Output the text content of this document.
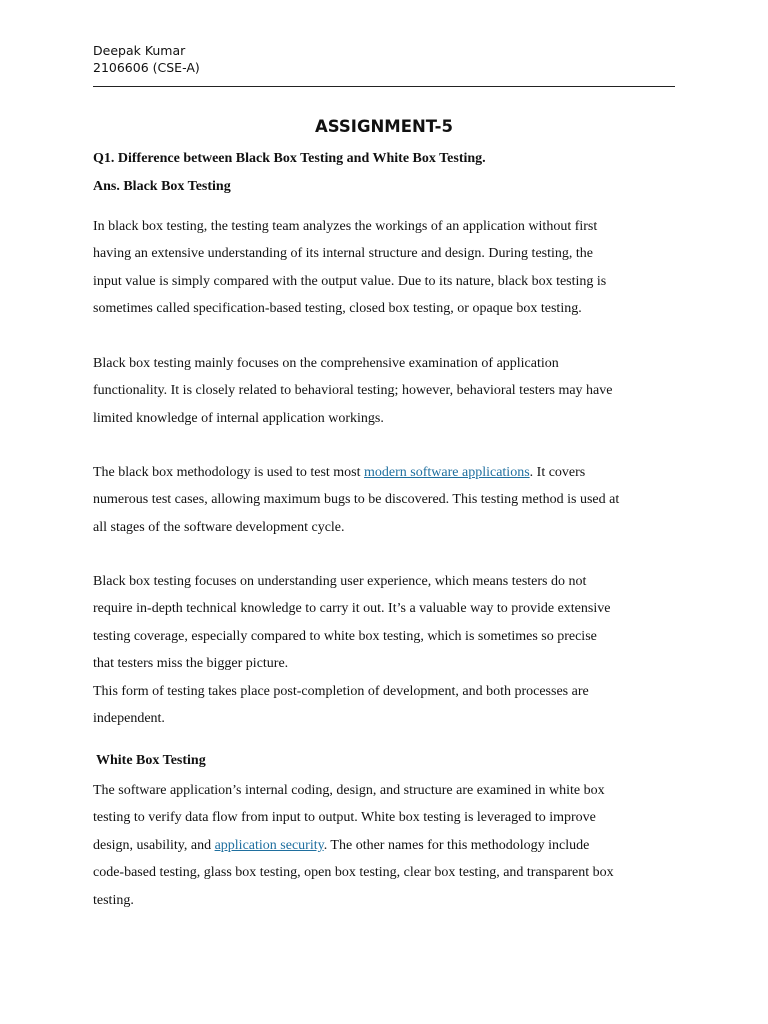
Deepak Kumar
2106606 (CSE-A)
ASSIGNMENT-5
Q1. Difference between Black Box Testing and White Box Testing.
Ans. Black Box Testing
In black box testing, the testing team analyzes the workings of an application without first
having an extensive understanding of its internal structure and design. During testing, the
input value is simply compared with the output value. Due to its nature, black box testing is
sometimes called specification-based testing, closed box testing, or opaque box testing.
Black box testing mainly focuses on the comprehensive examination of application
functionality. It is closely related to behavioral testing; however, behavioral testers may have
limited knowledge of internal application workings.
The black box methodology is used to test most modern software applications. It covers
numerous test cases, allowing maximum bugs to be discovered. This testing method is used at
all stages of the software development cycle.
Black box testing focuses on understanding user experience, which means testers do not
require in-depth technical knowledge to carry it out. It’s a valuable way to provide extensive
testing coverage, especially compared to white box testing, which is sometimes so precise
that testers miss the bigger picture.
This form of testing takes place post-completion of development, and both processes are
independent.
White Box Testing
The software application’s internal coding, design, and structure are examined in white box
testing to verify data flow from input to output. White box testing is leveraged to improve
design, usability, and application security. The other names for this methodology include
code-based testing, glass box testing, open box testing, clear box testing, and transparent box
testing.
